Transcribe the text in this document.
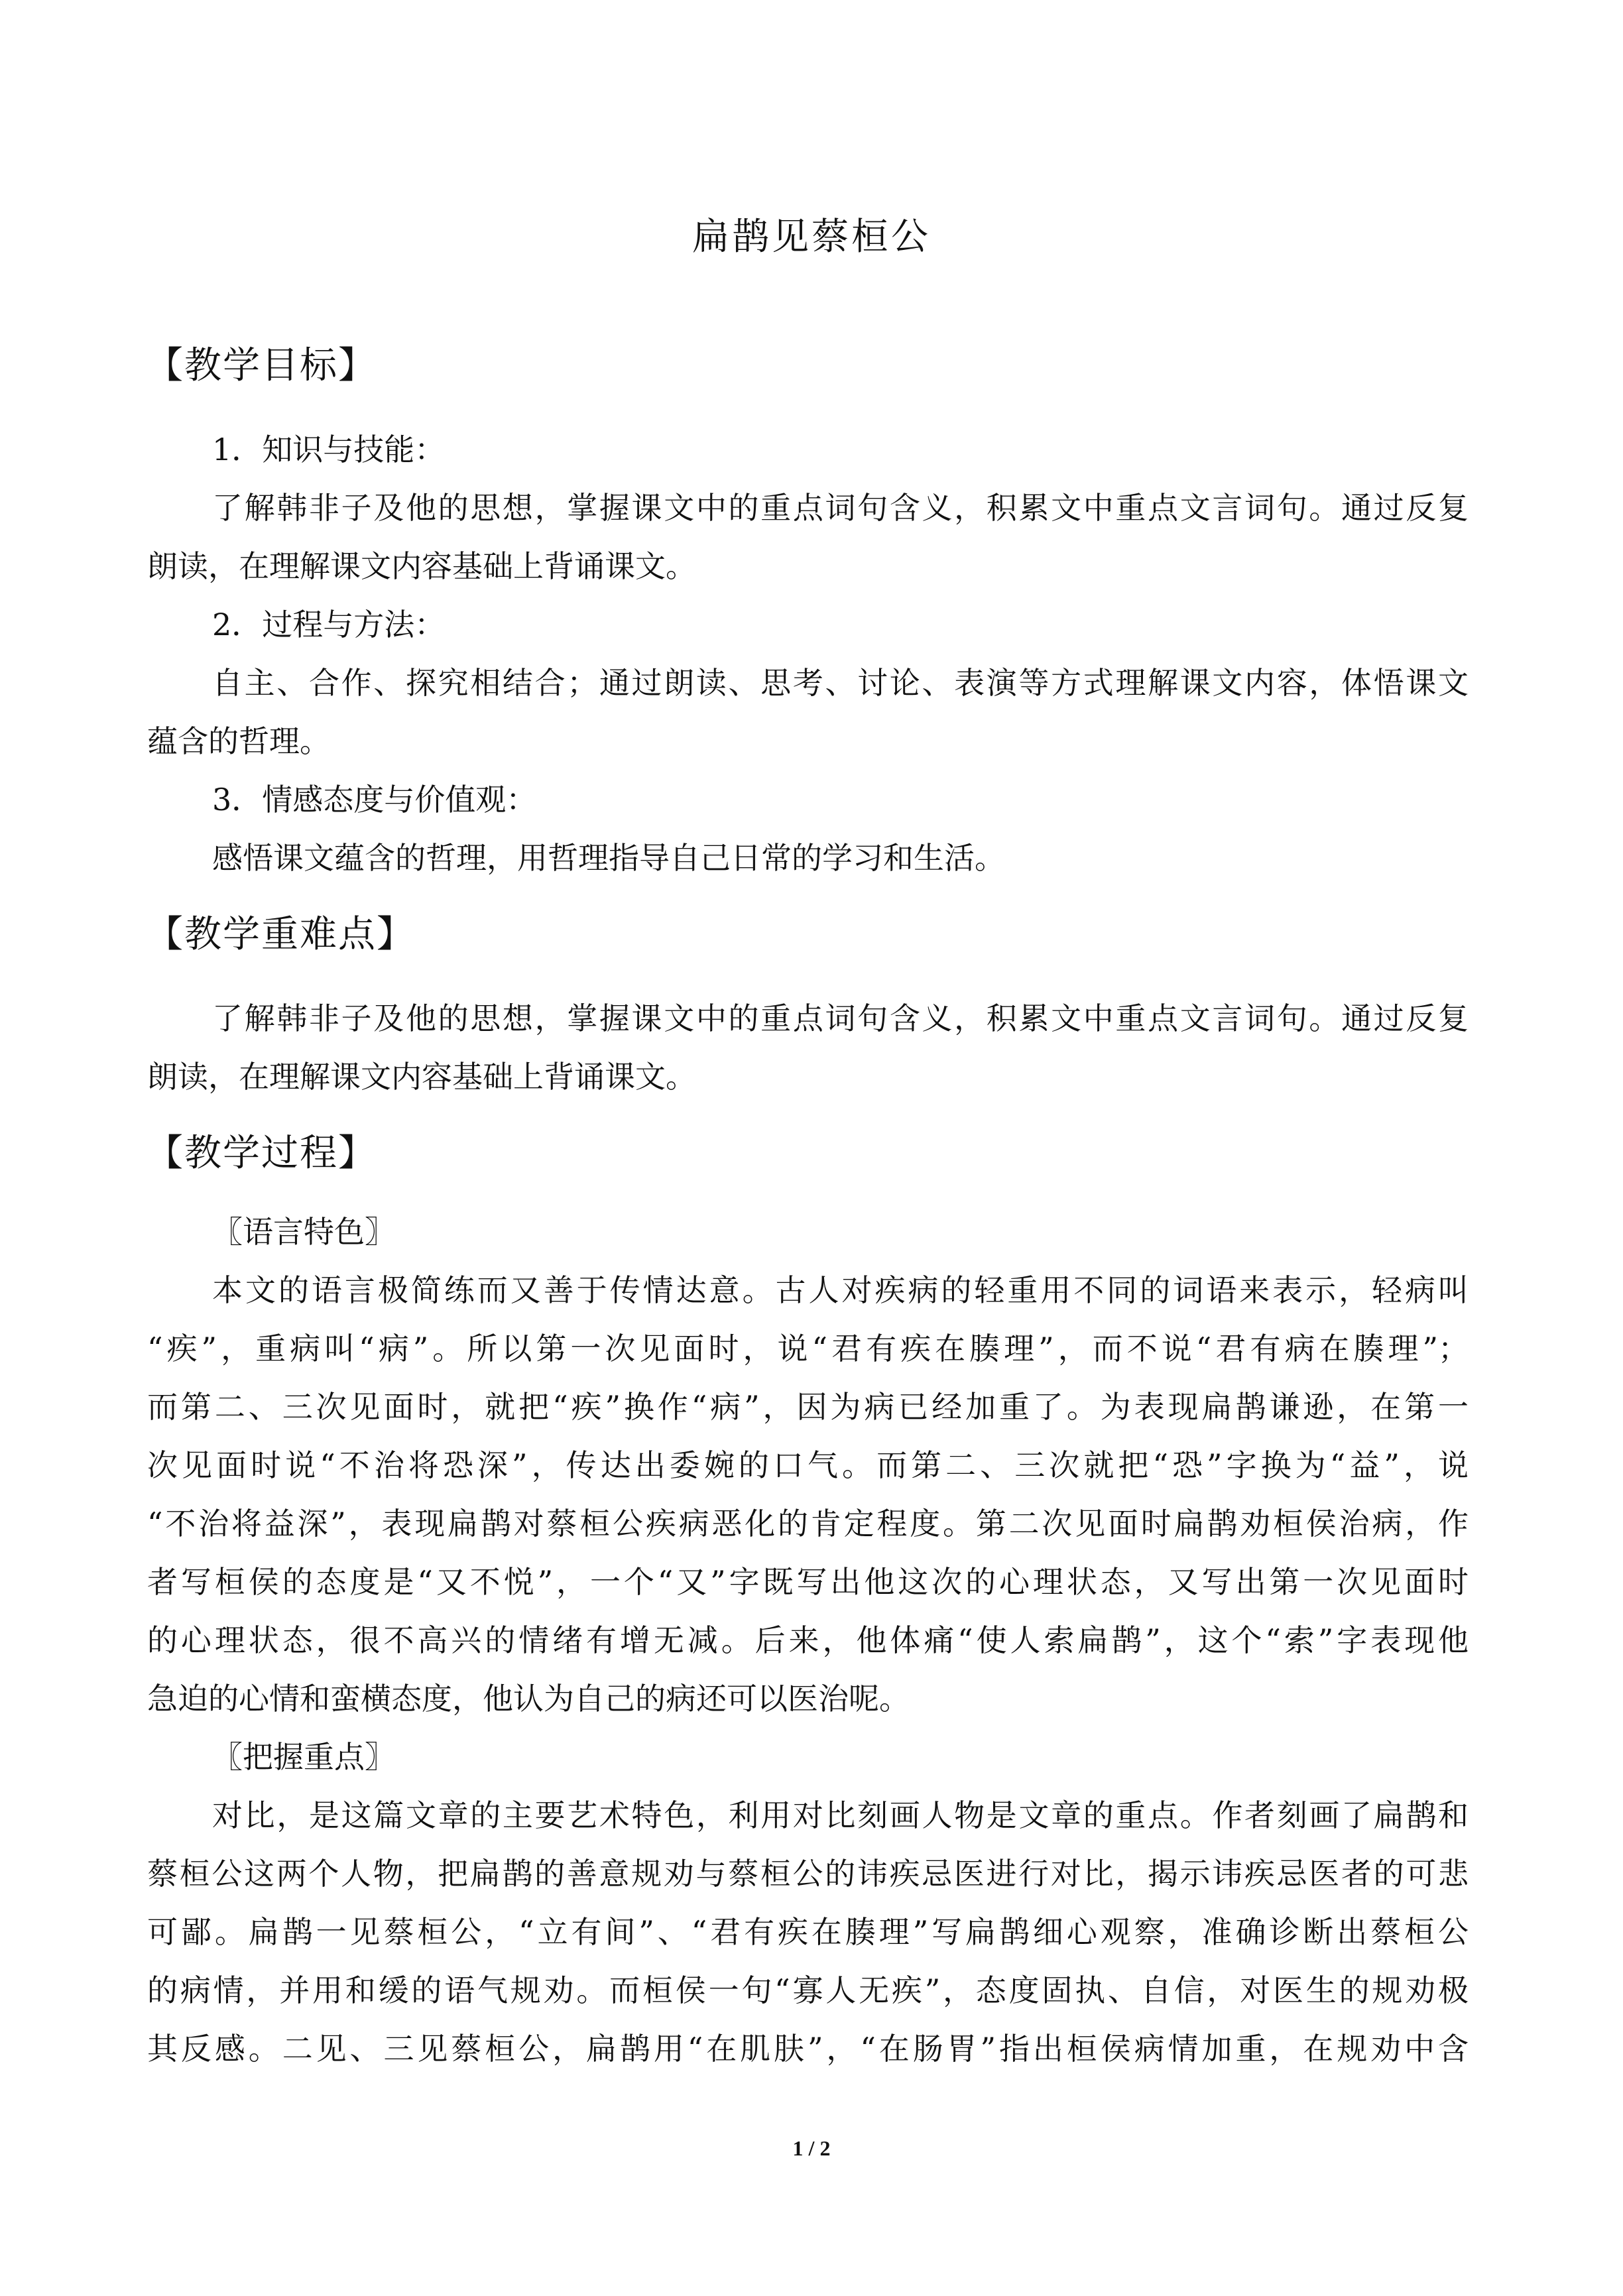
扁鹊见蔡桓公
【教学目标】

1．知识与技能：

了解韩非子及他的思想，掌握课文中的重点词句含义，积累文中重点文言词句。通过反复

朗读，在理解课文内容基础上背诵课文。

2．过程与方法：

自主、合作、探究相结合；通过朗读、思考、讨论、表演等方式理解课文内容，体悟课文

蕴含的哲理。

3．情感态度与价值观：

感悟课文蕴含的哲理，用哲理指导自己日常的学习和生活。

【教学重难点】

了解韩非子及他的思想，掌握课文中的重点词句含义，积累文中重点文言词句。通过反复

朗读，在理解课文内容基础上背诵课文。

【教学过程】

〖语言特色〗

本文的语言极简练而又善于传情达意。古人对疾病的轻重用不同的词语来表示，轻病叫

“疾”，重病叫“病”。所以第一次见面时，说“君有疾在腠理”，而不说“君有病在腠理”；

而第二、三次见面时，就把“疾”换作“病”，因为病已经加重了。为表现扁鹊谦逊，在第一

次见面时说“不治将恐深”，传达出委婉的口气。而第二、三次就把“恐”字换为“益”，说

“不治将益深”，表现扁鹊对蔡桓公疾病恶化的肯定程度。第二次见面时扁鹊劝桓侯治病，作

者写桓侯的态度是“又不悦”，一个“又”字既写出他这次的心理状态，又写出第一次见面时

的心理状态，很不高兴的情绪有增无减。后来，他体痛“使人索扁鹊”，这个“索”字表现他

急迫的心情和蛮横态度，他认为自己的病还可以医治呢。

〖把握重点〗

对比，是这篇文章的主要艺术特色，利用对比刻画人物是文章的重点。作者刻画了扁鹊和

蔡桓公这两个人物，把扁鹊的善意规劝与蔡桓公的讳疾忌医进行对比，揭示讳疾忌医者的可悲

可鄙。扁鹊一见蔡桓公，“立有间”、“君有疾在腠理”写扁鹊细心观察，准确诊断出蔡桓公

的病情，并用和缓的语气规劝。而桓侯一句“寡人无疾”，态度固执、自信，对医生的规劝极

其反感。二见、三见蔡桓公，扁鹊用“在肌肤”，“在肠胃”指出桓侯病情加重，在规劝中含

1 / 2
